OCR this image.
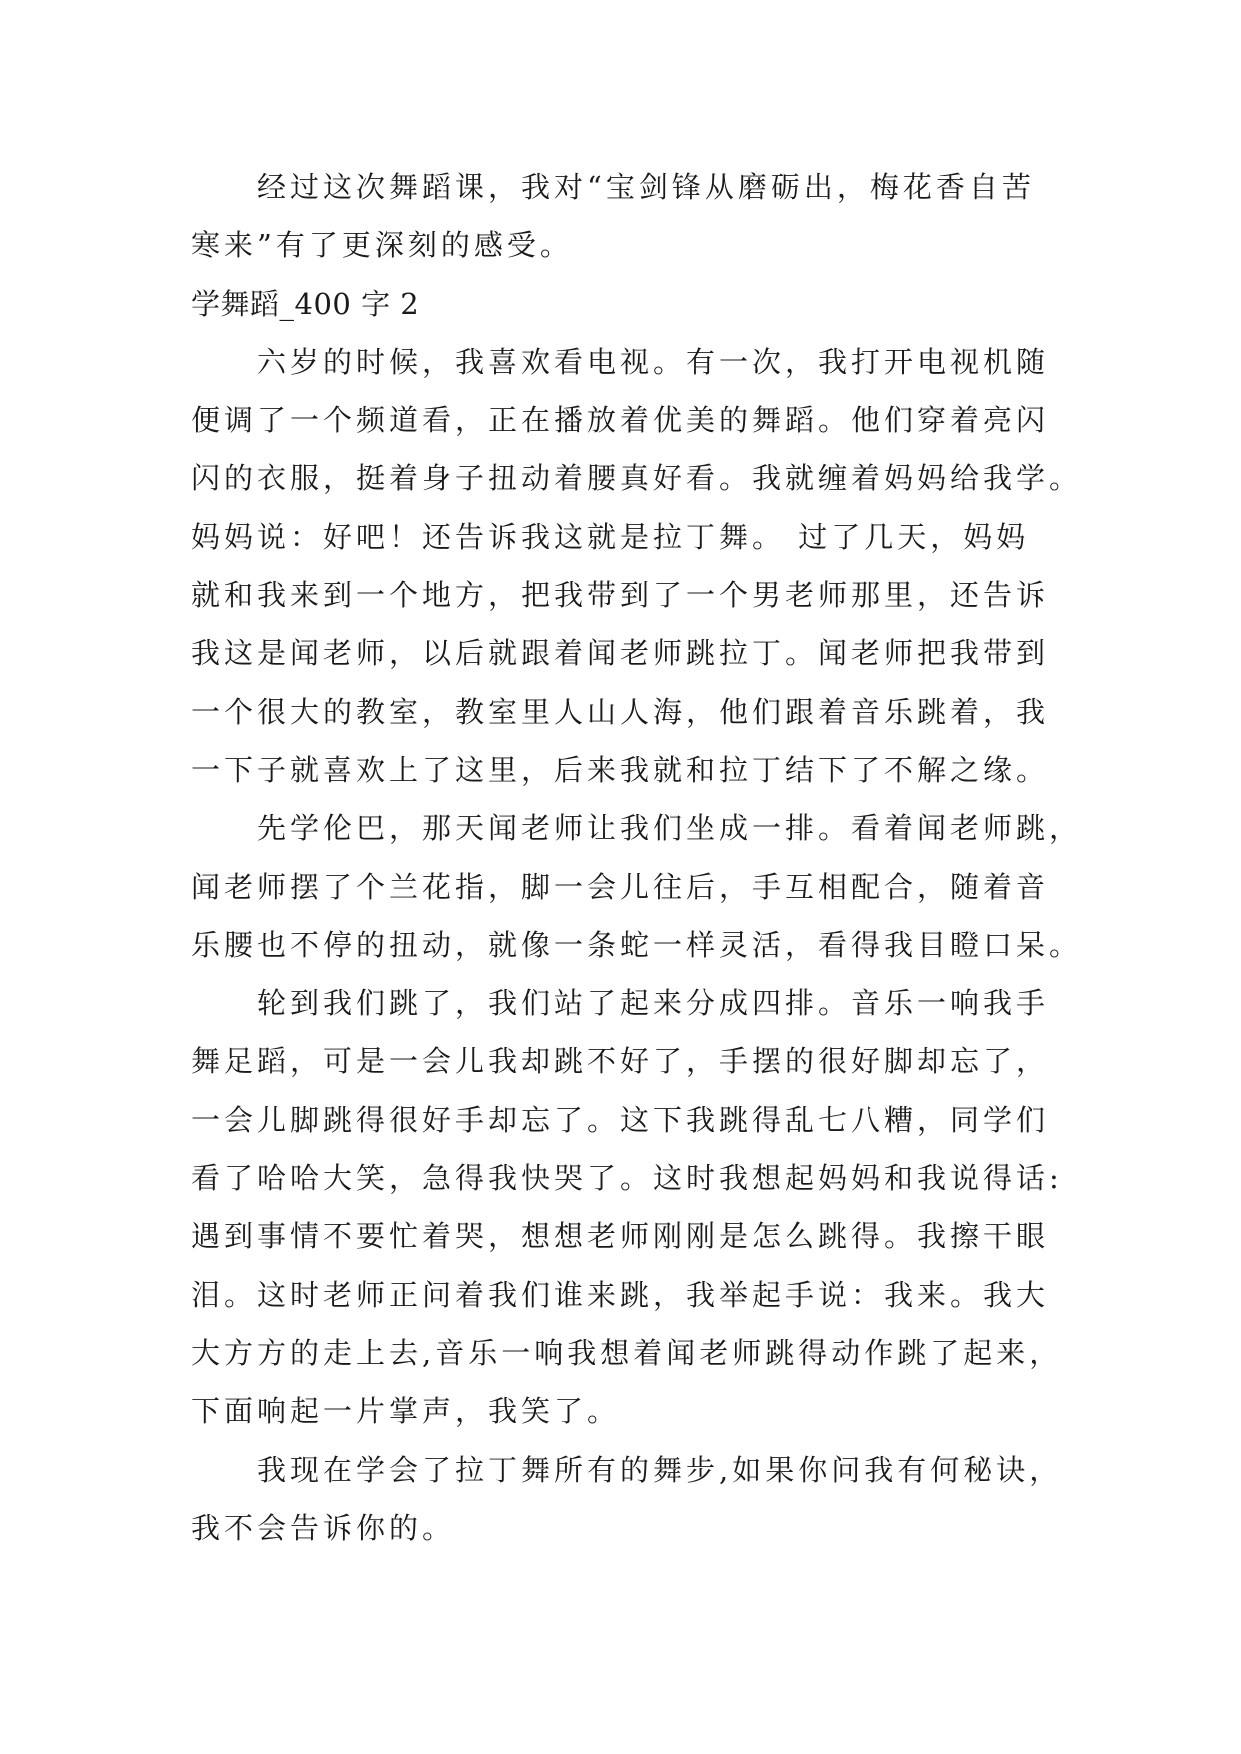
经过这次舞蹈课，我对“宝剑锋从磨砺出，梅花香自苦
寒来”有了更深刻的感受。
学舞蹈_400 字 2
六岁的时候，我喜欢看电视。有一次，我打开电视机随
便调了一个频道看，正在播放着优美的舞蹈。他们穿着亮闪
闪的衣服，挺着身子扭动着腰真好看。我就缠着妈妈给我学。
妈妈说：好吧！还告诉我这就是拉丁舞。 过了几天，妈妈
就和我来到一个地方，把我带到了一个男老师那里，还告诉
我这是闻老师，以后就跟着闻老师跳拉丁。闻老师把我带到
一个很大的教室，教室里人山人海，他们跟着音乐跳着，我
一下子就喜欢上了这里，后来我就和拉丁结下了不解之缘。
先学伦巴，那天闻老师让我们坐成一排。看着闻老师跳，
闻老师摆了个兰花指，脚一会儿往后，手互相配合，随着音
乐腰也不停的扭动，就像一条蛇一样灵活，看得我目瞪口呆。
轮到我们跳了，我们站了起来分成四排。音乐一响我手
舞足蹈，可是一会儿我却跳不好了，手摆的很好脚却忘了，
一会儿脚跳得很好手却忘了。这下我跳得乱七八糟，同学们
看了哈哈大笑，急得我快哭了。这时我想起妈妈和我说得话:
遇到事情不要忙着哭，想想老师刚刚是怎么跳得。我擦干眼
泪。这时老师正问着我们谁来跳，我举起手说：我来。我大
大方方的走上去,音乐一响我想着闻老师跳得动作跳了起来，
下面响起一片掌声，我笑了。
我现在学会了拉丁舞所有的舞步,如果你问我有何秘诀，
我不会告诉你的。
